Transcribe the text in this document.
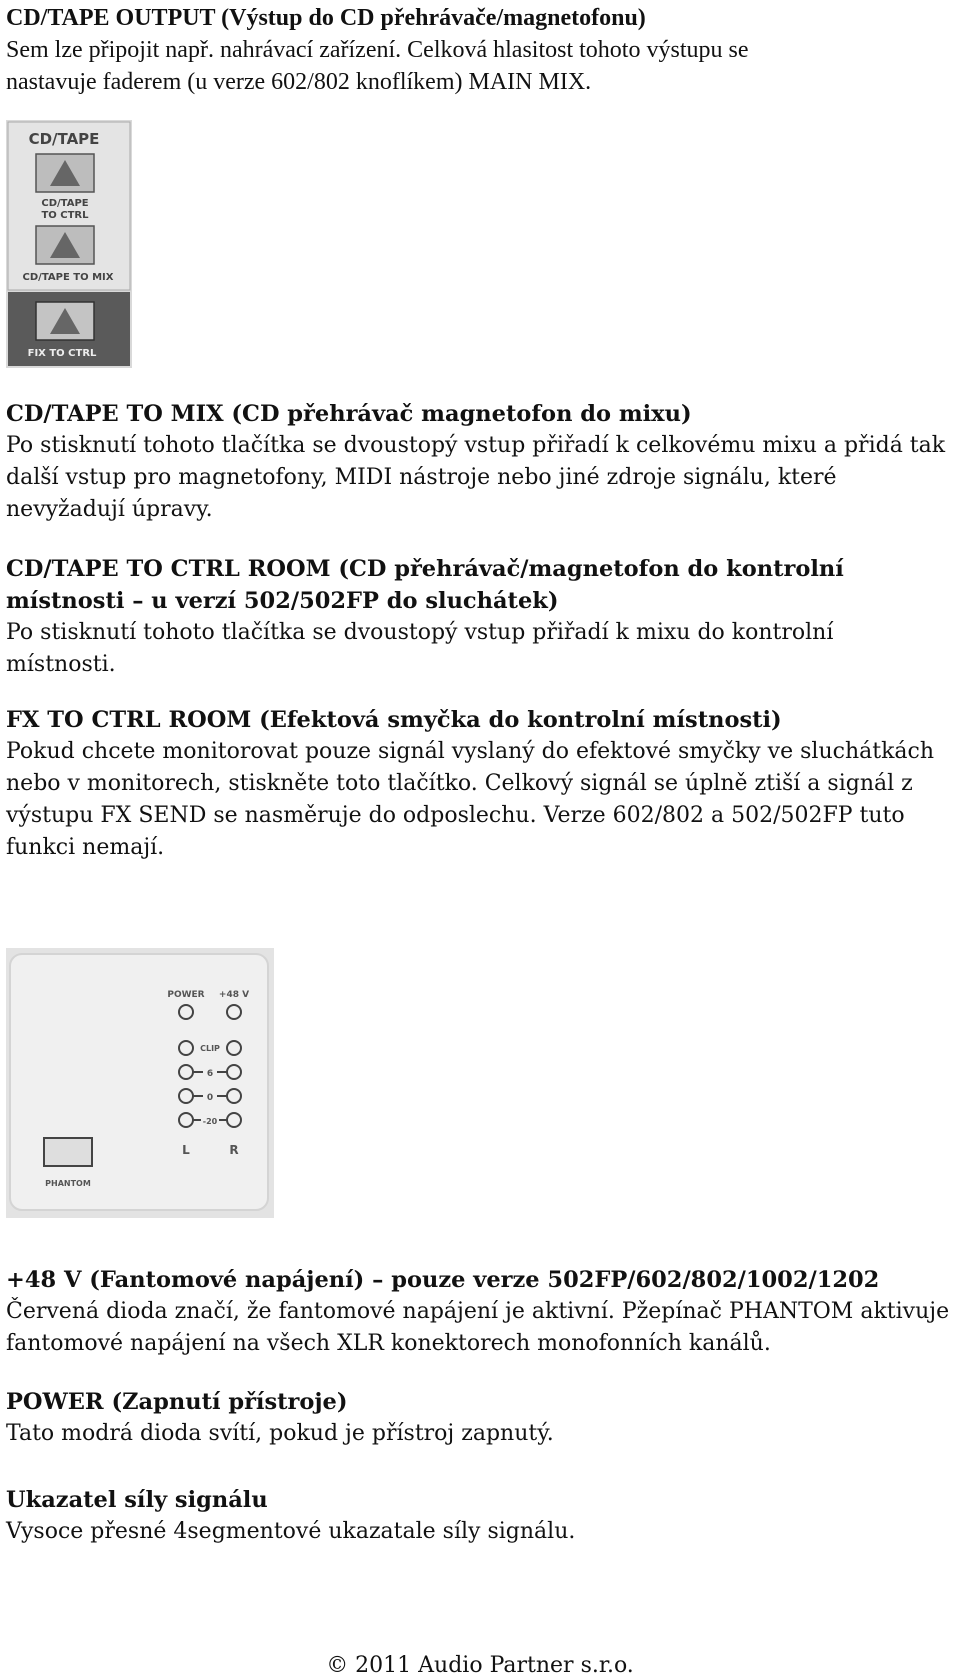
CD/TAPE OUTPUT (Výstup do CD přehrávače/magnetofonu)

Sem lze připojit např. nahrávací zařízení. Celková hlasitost tohoto výstupu se nastavuje faderem (u verze 602/802 knoflíkem) MAIN MIX.

CD/TAPE
CD/TAPE
TO CTRL
CD/TAPE TO MIX
FIX TO CTRL
CD/TAPE TO MIX (CD přehrávač magnetofon do mixu)

Po stisknutí tohoto tlačítka se dvoustopý vstup přiřadí k celkovému mixu a přidá tak další vstup pro magnetofony, MIDI nástroje nebo jiné zdroje signálu, které nevyžadují úpravy.

CD/TAPE TO CTRL ROOM (CD přehrávač/magnetofon do kontrolní místnosti – u verzí 502/502FP do sluchátek)

Po stisknutí tohoto tlačítka se dvoustopý vstup přiřadí k mixu do kontrolní místnosti.

FX TO CTRL ROOM (Efektová smyčka do kontrolní místnosti)

Pokud chcete monitorovat pouze signál vyslaný do efektové smyčky ve sluchátkách nebo v monitorech, stiskněte toto tlačítko. Celkový signál se úplně ztiší a signál z výstupu FX SEND se nasměruje do odposlechu. Verze 602/802 a 502/502FP tuto funkci nemají.

POWER +48 V
CLIP
6
0
-20
L	R
PHANTOM
+48 V (Fantomové napájení) – pouze verze 502FP/602/802/1002/1202

Červená dioda značí, že fantomové napájení je aktivní. Pžepínač PHANTOM aktivuje fantomové napájení na všech XLR konektorech monofonních kanálů.

POWER (Zapnutí přístroje)

Tato modrá dioda svítí, pokud je přístroj zapnutý.

Ukazatel síly signálu

Vysoce přesné 4segmentové ukazatale síly signálu.

© 2011 Audio Partner s.r.o.
